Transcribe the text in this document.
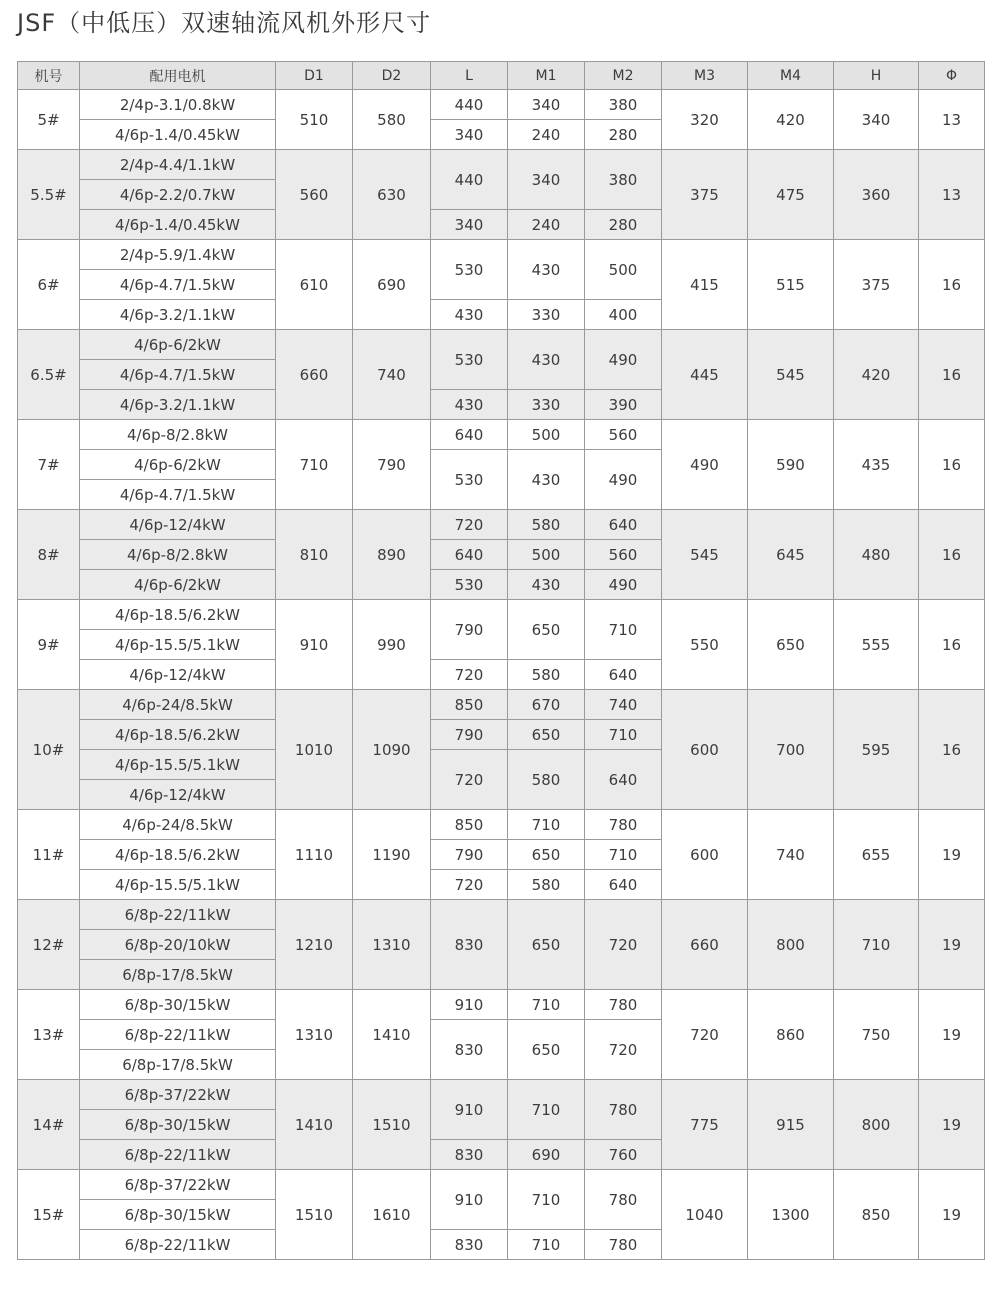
JSF（中低压）双速轴流风机外形尺寸
机号	配用电机	D1	D2	L	M1	M2	M3	M4	H	Φ
5#	2/4p-3.1/0.8kW	510	580	440	340	380	320	420	340	13
	4/6p-1.4/0.45kW			340	240	280				
5.5#	2/4p-4.4/1.1kW	560	630	440	340	380	375	475	360	13
	4/6p-2.2/0.7kW									
	4/6p-1.4/0.45kW			340	240	280				
6#	2/4p-5.9/1.4kW	610	690	530	430	500	415	515	375	16
	4/6p-4.7/1.5kW									
	4/6p-3.2/1.1kW			430	330	400				
6.5#	4/6p-6/2kW	660	740	530	430	490	445	545	420	16
	4/6p-4.7/1.5kW									
	4/6p-3.2/1.1kW			430	330	390				
7#	4/6p-8/2.8kW	710	790	640	500	560	490	590	435	16
	4/6p-6/2kW			530	430	490				
	4/6p-4.7/1.5kW									
8#	4/6p-12/4kW	810	890	720	580	640	545	645	480	16
	4/6p-8/2.8kW			640	500	560				
	4/6p-6/2kW			530	430	490				
9#	4/6p-18.5/6.2kW	910	990	790	650	710	550	650	555	16
	4/6p-15.5/5.1kW									
	4/6p-12/4kW			720	580	640				
10#	4/6p-24/8.5kW	1010	1090	850	670	740	600	700	595	16
	4/6p-18.5/6.2kW			790	650	710				
	4/6p-15.5/5.1kW			720	580	640				
	4/6p-12/4kW									
11#	4/6p-24/8.5kW	1110	1190	850	710	780	600	740	655	19
	4/6p-18.5/6.2kW			790	650	710				
	4/6p-15.5/5.1kW			720	580	640				
12#	6/8p-22/11kW	1210	1310	830	650	720	660	800	710	19
	6/8p-20/10kW									
	6/8p-17/8.5kW									
13#	6/8p-30/15kW	1310	1410	910	710	780	720	860	750	19
	6/8p-22/11kW			830	650	720				
	6/8p-17/8.5kW									
14#	6/8p-37/22kW	1410	1510	910	710	780	775	915	800	19
	6/8p-30/15kW									
	6/8p-22/11kW			830	690	760				
15#	6/8p-37/22kW	1510	1610	910	710	780	1040	1300	850	19
	6/8p-30/15kW									
	6/8p-22/11kW			830	710	780				
